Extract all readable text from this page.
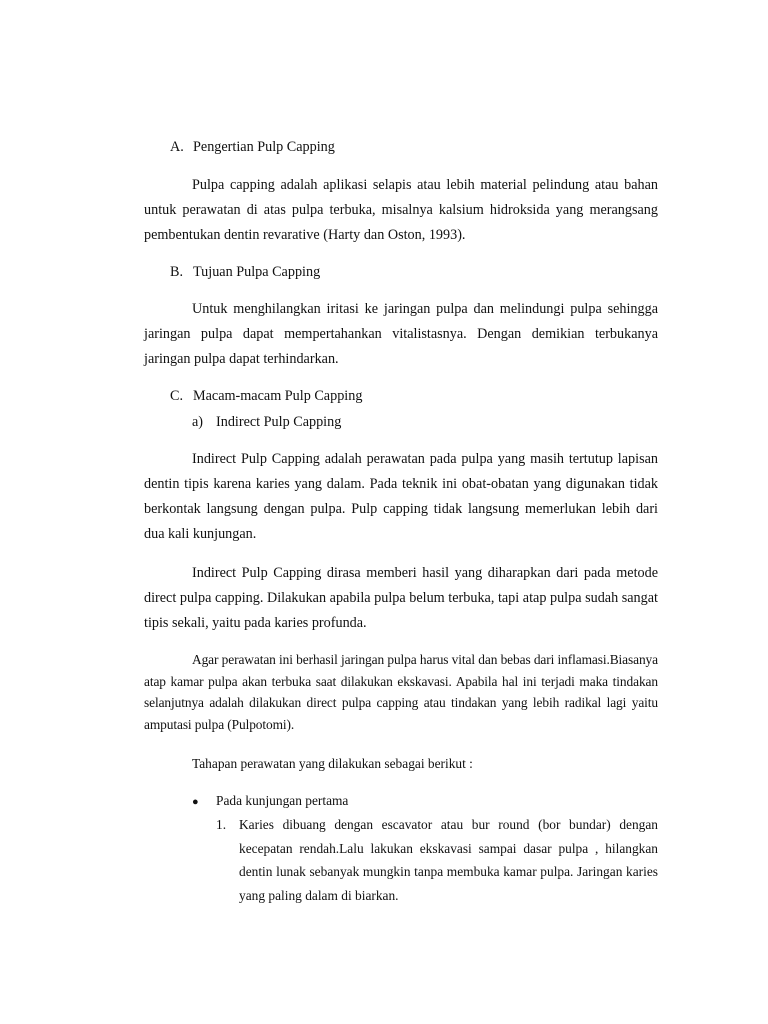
A. Pengertian Pulp Capping

Pulpa capping adalah aplikasi selapis atau lebih material pelindung atau bahan untuk perawatan di atas pulpa terbuka, misalnya kalsium hidroksida yang merangsang pembentukan dentin revarative (Harty dan Oston, 1993).

B. Tujuan Pulpa Capping

Untuk menghilangkan iritasi ke jaringan pulpa dan melindungi pulpa sehingga jaringan pulpa dapat mempertahankan vitalistasnya. Dengan demikian terbukanya jaringan pulpa dapat terhindarkan.

C. Macam-macam Pulp Capping
a) Indirect Pulp Capping

Indirect Pulp Capping adalah perawatan pada pulpa yang masih tertutup lapisan dentin tipis karena karies yang dalam. Pada teknik ini obat-obatan yang digunakan tidak berkontak langsung dengan pulpa. Pulp capping tidak langsung memerlukan lebih dari dua kali kunjungan.

Indirect Pulp Capping dirasa memberi hasil yang diharapkan dari pada metode direct pulpa capping. Dilakukan apabila pulpa belum terbuka, tapi atap pulpa sudah sangat tipis sekali, yaitu pada karies profunda.

Agar perawatan ini berhasil jaringan pulpa harus vital dan bebas dari inflamasi.Biasanya atap kamar pulpa akan terbuka saat dilakukan ekskavasi. Apabila hal ini terjadi maka tindakan selanjutnya adalah dilakukan direct pulpa capping atau tindakan yang lebih radikal lagi yaitu amputasi pulpa (Pulpotomi).

Tahapan perawatan yang dilakukan sebagai berikut :
● Pada kunjungan pertama
1. Karies dibuang dengan escavator atau bur round (bor bundar) dengan kecepatan rendah.Lalu lakukan ekskavasi sampai dasar pulpa , hilangkan dentin lunak sebanyak mungkin tanpa membuka kamar pulpa. Jaringan karies yang paling dalam di biarkan.
